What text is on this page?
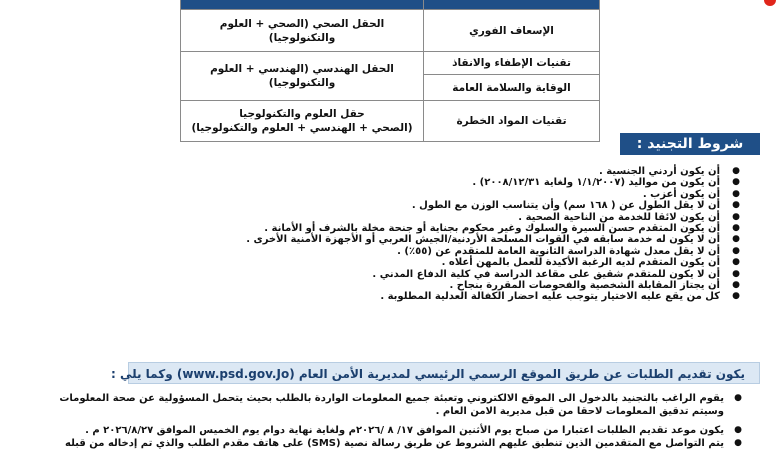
الإسعاف الفوري	الحقل الصحي (الصحي + العلوم والتكنولوجيا)
تقنيات الإطفاء والانقاذ	الحقل الهندسي (الهندسي + العلوم والتكنولوجيا)
الوقاية والسلامة العامة	
تقنيات المواد الخطرة	حقل العلوم والتكنولوجيا
(الصحي + الهندسي + العلوم والتكنولوجيا)
شروط التجنيد :
●
أن يكون أردني الجنسية .
●
أن يكون من مواليد (١/١/٢٠٠٧ ولغاية ٢٠٠٨/١٢/٣١) .
●
أن يكون أعزب .
●
أن لا يقل الطول عن ( ١٦٨ سم) وأن يتناسب الوزن مع الطول .
●
أن يكون لائقا للخدمة من الناحية الصحية .
●
أن يكون المتقدم حسن السيرة والسلوك وغير محكوم بجناية أو جنحة مخلة بالشرف أو الأمانة .
●
أن لا يكون له خدمة سابقه في القوات المسلحة الأردنية/الجيش العربي أو الأجهزة الأمنية الأخرى .
●
أن لا يقل معدل شهادة الدراسة الثانوية العامة للمتقدم عن (٥٥٪) .
●
أن يكون المتقدم لديه الرغبة الأكيدة للعمل بالمهن أعلاه .
●
أن لا يكون للمتقدم شقيق على مقاعد الدراسة في كلية الدفاع المدني .
●
أن يجتاز المقابلة الشخصية والفحوصات المقررة بنجاح .
●
كل من يقع عليه الاختيار يتوجب عليه احضار الكفالة العدلية المطلوبة .
يكون تقديم الطلبات عن طريق الموقع الرسمي الرئيسي لمديرية الأمن العام (www.psd.gov.Jo) وكما يلي :
●
يقوم الراغب بالتجنيد بالدخول الى الموقع الالكتروني وتعبئة جميع المعلومات الواردة بالطلب بحيث يتحمل المسؤولية عن صحة المعلومات
وسيتم تدقيق المعلومات لاحقا من قبل مديرية الامن العام .
●
يكون موعد تقديم الطلبات اعتبارا من صباح يوم الأثنين الموافق ١٧/ ٨ /٢٠٢٦م ولغاية نهاية دوام يوم الخميس الموافق ٢٠٢٦/٨/٢٧ م .
●
يتم التواصل مع المتقدمين الذين تنطبق عليهم الشروط عن طريق رسالة نصية (SMS) على هاتف مقدم الطلب والذي تم إدخاله من قبله
